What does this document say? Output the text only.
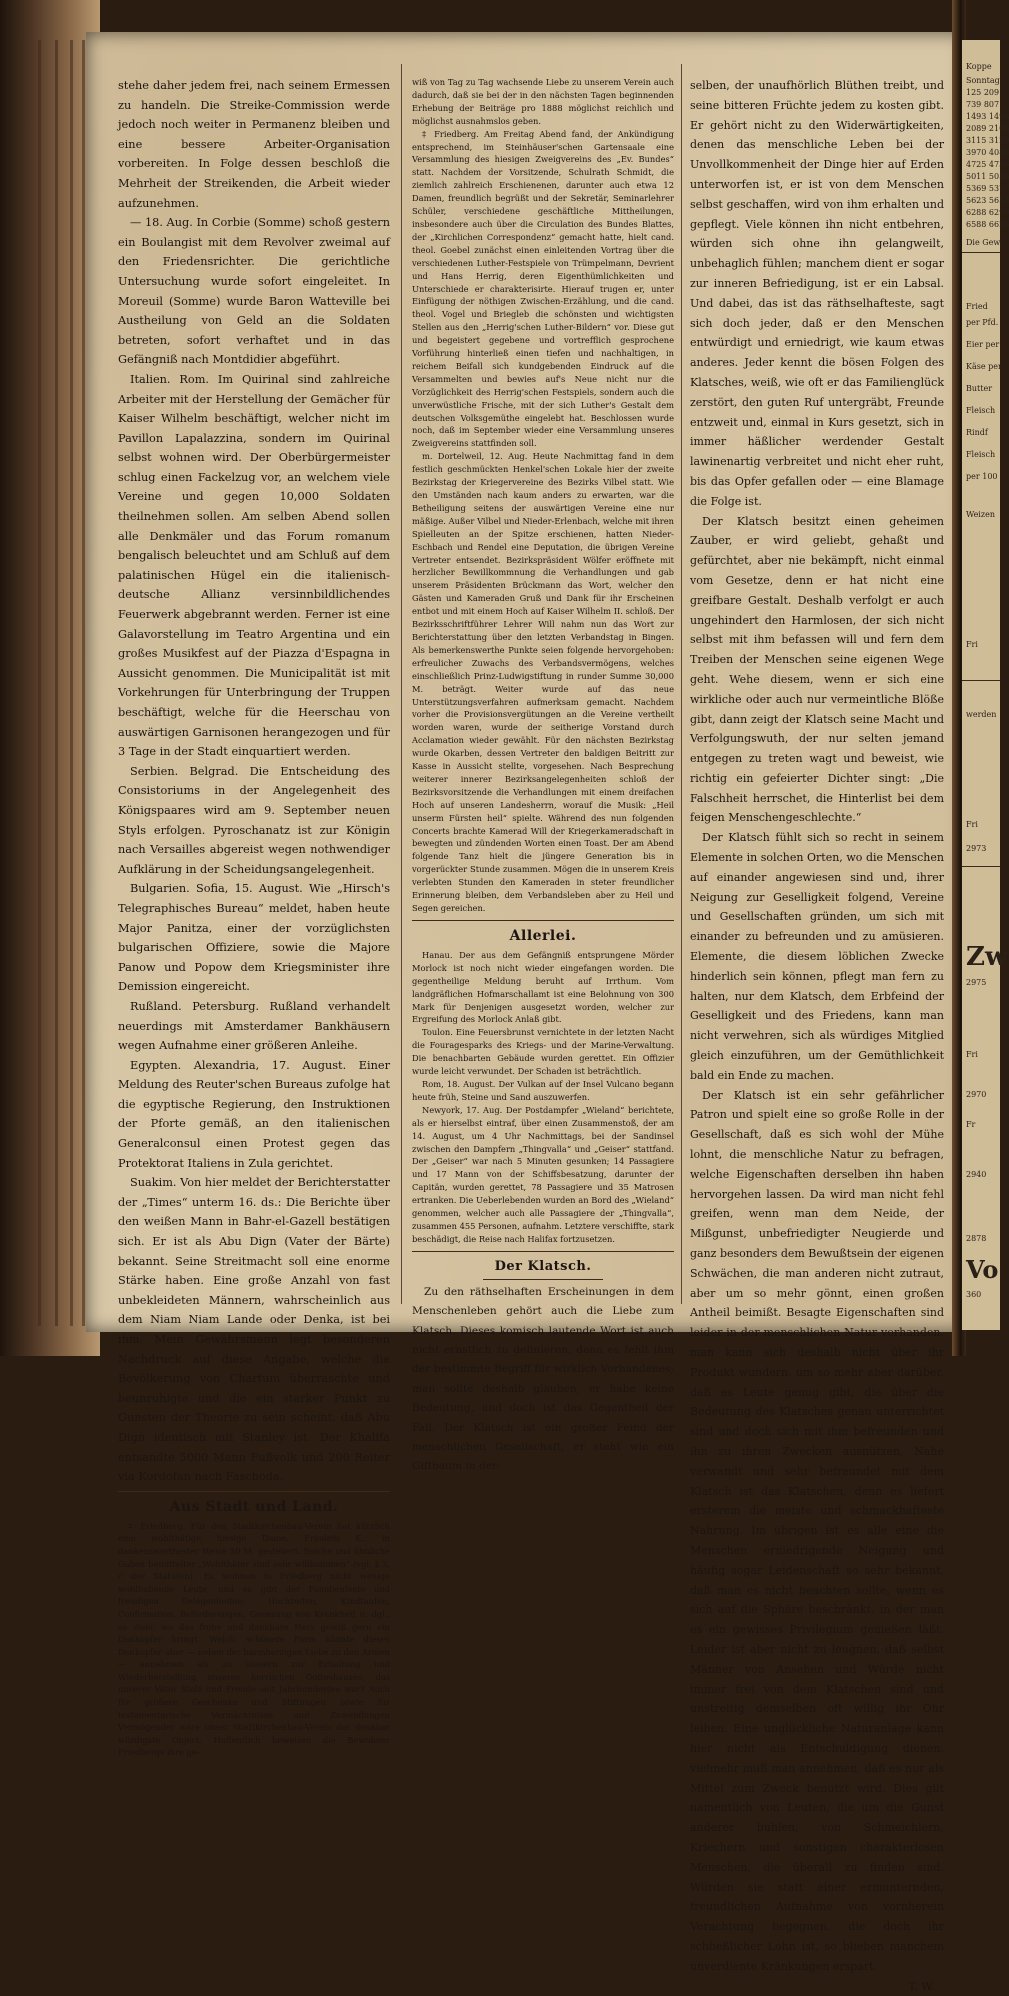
stehe daher jedem frei, nach seinem Ermessen zu handeln. Die Streike-Commission werde jedoch noch weiter in Permanenz bleiben und eine bessere Arbeiter-Organisation vorbereiten. In Folge dessen beschloß die Mehrheit der Streikenden, die Arbeit wieder aufzunehmen.

— 18. Aug. In Corbie (Somme) schoß gestern ein Boulangist mit dem Revolver zweimal auf den Friedensrichter. Die gerichtliche Untersuchung wurde sofort eingeleitet. In Moreuil (Somme) wurde Baron Watteville bei Austheilung von Geld an die Soldaten betreten, sofort verhaftet und in das Gefängniß nach Montdidier abgeführt.

Italien. Rom. Im Quirinal sind zahlreiche Arbeiter mit der Herstellung der Gemächer für Kaiser Wilhelm beschäftigt, welcher nicht im Pavillon Lapalazzina, sondern im Quirinal selbst wohnen wird. Der Oberbürgermeister schlug einen Fackelzug vor, an welchem viele Vereine und gegen 10,000 Soldaten theilnehmen sollen. Am selben Abend sollen alle Denkmäler und das Forum romanum bengalisch beleuchtet und am Schluß auf dem palatinischen Hügel ein die italienisch-deutsche Allianz versinnbildlichendes Feuerwerk abgebrannt werden. Ferner ist eine Galavorstellung im Teatro Argentina und ein großes Musikfest auf der Piazza d'Espagna in Aussicht genommen. Die Municipalität ist mit Vorkehrungen für Unterbringung der Truppen beschäftigt, welche für die Heerschau von auswärtigen Garnisonen herangezogen und für 3 Tage in der Stadt einquartiert werden.

Serbien. Belgrad. Die Entscheidung des Consistoriums in der Angelegenheit des Königspaares wird am 9. September neuen Styls erfolgen. Pyroschanatz ist zur Königin nach Versailles abgereist wegen nothwendiger Aufklärung in der Scheidungsangelegenheit.

Bulgarien. Sofia, 15. August. Wie „Hirsch's Telegraphisches Bureau“ meldet, haben heute Major Panitza, einer der vorzüglichsten bulgarischen Offiziere, sowie die Majore Panow und Popow dem Kriegsminister ihre Demission eingereicht.

Rußland. Petersburg. Rußland verhandelt neuerdings mit Amsterdamer Bankhäusern wegen Aufnahme einer größeren Anleihe.

Egypten. Alexandria, 17. August. Einer Meldung des Reuter'schen Bureaus zufolge hat die egyptische Regierung, den Instruktionen der Pforte gemäß, an den italienischen Generalconsul einen Protest gegen das Protektorat Italiens in Zula gerichtet.

Suakim. Von hier meldet der Berichterstatter der „Times“ unterm 16. ds.: Die Berichte über den weißen Mann in Bahr-el-Gazell bestätigen sich. Er ist als Abu Dign (Vater der Bärte) bekannt. Seine Streitmacht soll eine enorme Stärke haben. Eine große Anzahl von fast unbekleideten Männern, wahrscheinlich aus dem Niam Niam Lande oder Denka, ist bei ihm. Mein Gewährsmann legt besonderen Nachdruck auf diese Angabe, welche die Bevölkerung von Chartum überraschte und beunruhigte und die ein starker Punkt zu Gunsten der Theorie zu sein scheint, daß Abu Dign identisch mit Stanley ist. Der Khalifa entsandte 5000 Mann Fußvolk und 200 Reiter via Kordofan nach Faschoda.

Aus Stadt und Land.

‡ Friedberg. Für den Stadtkirchenbau-Verein hat kürzlich eine wohlthätige hiesige Dame, Fräulein K., in dankenswerthester Weise 50 M. gesteuert. Solche und ähnliche Gaben bemittelter „Wohlthäter sind sehr willkommen“ (vgl. § 3, c der Statuten). Es wohnen in Friedberg nicht wenige wohlhabende Leute, und es gibt der Familienfeste und freudigen Gelegenheiten: Hochzeiten, Kindtaufen, Confirmation, Beförderungen, Genesung von Krankheit u. dgl., so viele, wo das frohe und dankbare Herz gewiß gern ein Dankopfer bringt. Welch' schönere Form könnte dieses Dankopfer aber — neben der barmherzigen Liebe zu den Armen — annehmen als zu steuern zur Erhaltung und Wiederherstellung unseres herrlichen Gotteshauses, das unserer Väter Stolz und Freude seit Jahrhunderten war? Auch für größere Geschenke und Stiftungen sowie für testamentarische Vermächtnisse und Zuwendungen Vermögender wäre unser Stadtkirchenbau-Verein das denkbar würdigste Object. Hoffentlich beweisen die Bewohner Friedbergs ihre ge-

wiß von Tag zu Tag wachsende Liebe zu unserem Verein auch dadurch, daß sie bei der in den nächsten Tagen beginnenden Erhebung der Beiträge pro 1888 möglichst reichlich und möglichst ausnahmslos geben.

‡ Friedberg. Am Freitag Abend fand, der Ankündigung entsprechend, im Steinhäuser'schen Gartensaale eine Versammlung des hiesigen Zweigvereins des „Ev. Bundes“ statt. Nachdem der Vorsitzende, Schulrath Schmidt, die ziemlich zahlreich Erschienenen, darunter auch etwa 12 Damen, freundlich begrüßt und der Sekretär, Seminarlehrer Schüler, verschiedene geschäftliche Mittheilungen, insbesondere auch über die Circulation des Bundes Blattes, der „Kirchlichen Correspondenz“ gemacht hatte, hielt cand. theol. Goebel zunächst einen einleitenden Vortrag über die verschiedenen Luther-Festspiele von Trümpelmann, Devrient und Hans Herrig, deren Eigenthümlichkeiten und Unterschiede er charakterisirte. Hierauf trugen er, unter Einfügung der nöthigen Zwischen-Erzählung, und die cand. theol. Vogel und Briegleb die schönsten und wichtigsten Stellen aus den „Herrig'schen Luther-Bildern“ vor. Diese gut und begeistert gegebene und vortrefflich gesprochene Vorführung hinterließ einen tiefen und nachhaltigen, in reichem Beifall sich kundgebenden Eindruck auf die Versammelten und bewies auf's Neue nicht nur die Vorzüglichkeit des Herrig'schen Festspiels, sondern auch die unverwüstliche Frische, mit der sich Luther's Gestalt dem deutschen Volksgemüthe eingelebt hat. Beschlossen wurde noch, daß im September wieder eine Versammlung unseres Zweigvereins stattfinden soll.

m. Dortelweil, 12. Aug. Heute Nachmittag fand in dem festlich geschmückten Henkel'schen Lokale hier der zweite Bezirkstag der Kriegervereine des Bezirks Vilbel statt. Wie den Umständen nach kaum anders zu erwarten, war die Betheiligung seitens der auswärtigen Vereine eine nur mäßige. Außer Vilbel und Nieder-Erlenbach, welche mit ihren Spielleuten an der Spitze erschienen, hatten Nieder-Eschbach und Rendel eine Deputation, die übrigen Vereine Vertreter entsendet. Bezirkspräsident Wölfer eröffnete mit herzlicher Bewillkommnung die Verhandlungen und gab unserem Präsidenten Brückmann das Wort, welcher den Gästen und Kameraden Gruß und Dank für ihr Erscheinen entbot und mit einem Hoch auf Kaiser Wilhelm II. schloß. Der Bezirksschriftführer Lehrer Will nahm nun das Wort zur Berichterstattung über den letzten Verbandstag in Bingen. Als bemerkenswerthe Punkte seien folgende hervorgehoben: erfreulicher Zuwachs des Verbandsvermögens, welches einschließlich Prinz-Ludwigstiftung in runder Summe 30,000 M. beträgt. Weiter wurde auf das neue Unterstützungsverfahren aufmerksam gemacht. Nachdem vorher die Provisionsvergütungen an die Vereine vertheilt worden waren, wurde der seitherige Vorstand durch Acclamation wieder gewählt. Für den nächsten Bezirkstag wurde Okarben, dessen Vertreter den baldigen Beitritt zur Kasse in Aussicht stellte, vorgesehen. Nach Besprechung weiterer innerer Bezirksangelegenheiten schloß der Bezirksvorsitzende die Verhandlungen mit einem dreifachen Hoch auf unseren Landesherrn, worauf die Musik: „Heil unserm Fürsten heil“ spielte. Während des nun folgenden Concerts brachte Kamerad Will der Kriegerkameradschaft in bewegten und zündenden Worten einen Toast. Der am Abend folgende Tanz hielt die jüngere Generation bis in vorgerückter Stunde zusammen. Mögen die in unserem Kreis verlebten Stunden den Kameraden in steter freundlicher Erinnerung bleiben, dem Verbandsleben aber zu Heil und Segen gereichen.

Allerlei.

Hanau. Der aus dem Gefängniß entsprungene Mörder Morlock ist noch nicht wieder eingefangen worden. Die gegentheilige Meldung beruht auf Irrthum. Vom landgräflichen Hofmarschallamt ist eine Belohnung von 300 Mark für Denjenigen ausgesetzt worden, welcher zur Ergreifung des Morlock Anlaß gibt.

Toulon. Eine Feuersbrunst vernichtete in der letzten Nacht die Fouragesparks des Kriegs- und der Marine-Verwaltung. Die benachbarten Gebäude wurden gerettet. Ein Offizier wurde leicht verwundet. Der Schaden ist beträchtlich.

Rom, 18. August. Der Vulkan auf der Insel Vulcano begann heute früh, Steine und Sand auszuwerfen.

Newyork, 17. Aug. Der Postdampfer „Wieland“ berichtete, als er hierselbst eintraf, über einen Zusammenstoß, der am 14. August, um 4 Uhr Nachmittags, bei der Sandinsel zwischen den Dampfern „Thingvalla“ und „Geiser“ stattfand. Der „Geiser“ war nach 5 Minuten gesunken; 14 Passagiere und 17 Mann von der Schiffsbesatzung, darunter der Capitän, wurden gerettet, 78 Passagiere und 35 Matrosen ertranken. Die Ueberlebenden wurden an Bord des „Wieland“ genommen, welcher auch alle Passagiere der „Thingvalla“, zusammen 455 Personen, aufnahm. Letztere verschiffte, stark beschädigt, die Reise nach Halifax fortzusetzen.

Der Klatsch.

Zu den räthselhaften Erscheinungen in dem Menschenleben gehört auch die Liebe zum Klatsch. Dieses komisch lautende Wort ist auch nicht ernstlich zu definieren, denn es fehlt ihm der bestimmte Begriff für wirklich Vorhandenes; man sollte deshalb glauben, er habe keine Bedeutung, und doch ist das Gegentheil der Fall. Der Klatsch ist ein großer Feind der menschlichen Gesellschaft, er steht wie ein Giftbaum in der-

selben, der unaufhörlich Blüthen treibt, und seine bitteren Früchte jedem zu kosten gibt. Er gehört nicht zu den Widerwärtigkeiten, denen das menschliche Leben bei der Unvollkommenheit der Dinge hier auf Erden unterworfen ist, er ist von dem Menschen selbst geschaffen, wird von ihm erhalten und gepflegt. Viele können ihn nicht entbehren, würden sich ohne ihn gelangweilt, unbehaglich fühlen; manchem dient er sogar zur inneren Befriedigung, ist er ein Labsal. Und dabei, das ist das räthselhafteste, sagt sich doch jeder, daß er den Menschen entwürdigt und erniedrigt, wie kaum etwas anderes. Jeder kennt die bösen Folgen des Klatsches, weiß, wie oft er das Familienglück zerstört, den guten Ruf untergräbt, Freunde entzweit und, einmal in Kurs gesetzt, sich in immer häßlicher werdender Gestalt lawinenartig verbreitet und nicht eher ruht, bis das Opfer gefallen oder — eine Blamage die Folge ist.

Der Klatsch besitzt einen geheimen Zauber, er wird geliebt, gehaßt und gefürchtet, aber nie bekämpft, nicht einmal vom Gesetze, denn er hat nicht eine greifbare Gestalt. Deshalb verfolgt er auch ungehindert den Harmlosen, der sich nicht selbst mit ihm befassen will und fern dem Treiben der Menschen seine eigenen Wege geht. Wehe diesem, wenn er sich eine wirkliche oder auch nur vermeintliche Blöße gibt, dann zeigt der Klatsch seine Macht und Verfolgungswuth, der nur selten jemand entgegen zu treten wagt und beweist, wie richtig ein gefeierter Dichter singt: „Die Falschheit herrschet, die Hinterlist bei dem feigen Menschengeschlechte.“

Der Klatsch fühlt sich so recht in seinem Elemente in solchen Orten, wo die Menschen auf einander angewiesen sind und, ihrer Neigung zur Geselligkeit folgend, Vereine und Gesellschaften gründen, um sich mit einander zu befreunden und zu amüsieren. Elemente, die diesem löblichen Zwecke hinderlich sein können, pflegt man fern zu halten, nur dem Klatsch, dem Erbfeind der Geselligkeit und des Friedens, kann man nicht verwehren, sich als würdiges Mitglied gleich einzuführen, um der Gemüthlichkeit bald ein Ende zu machen.

Der Klatsch ist ein sehr gefährlicher Patron und spielt eine so große Rolle in der Gesellschaft, daß es sich wohl der Mühe lohnt, die menschliche Natur zu befragen, welche Eigenschaften derselben ihn haben hervorgehen lassen. Da wird man nicht fehl greifen, wenn man dem Neide, der Mißgunst, unbefriedigter Neugierde und ganz besonders dem Bewußtsein der eigenen Schwächen, die man anderen nicht zutraut, aber um so mehr gönnt, einen großen Antheil beimißt. Besagte Eigenschaften sind leider in der menschlichen Natur vorhanden, man kann sich deshalb nicht über ihr Produkt wundern, um so mehr aber darüber, daß es Leute genug gibt, die über die Bedeutung des Klatsches genau unterrichtet sind und doch sich mit ihm befreunden und ihn zu ihren Zwecken ausnützen. Nahe verwandt und sehr befreundet mit dem Klatsch ist das Klatschen, denn es liefert ersterem die meiste und schmackhafteste Nahrung. Im übrigen ist es alle eine die Menschen erniedrigende Neigung und häufig sogar Leidenschaft so sehr bekannt, daß man es nicht beachten sollte, wenn es sich auf die Sphäre beschränkt, in der man es ein gewisses Privilegium genießen läßt. Leider ist aber nicht zu leugnen, daß selbst Männer von Ansehen und Würde nicht immer frei von dem Klatschen sind und unstreitig demselben oft willig ihr Ohr leihen. Eine unglückliche Naturanlage kann hier nicht als Entschuldigung dienen, vielmehr muß man annehmen, daß es nur als Mittel zum Zweck benutzt wird. Dies gilt namentlich von Leuten, die um die Gunst anderer buhlen, von Schmeichlern, Kriechern und sonstigen charakterlosen Menschen, die überall zu finden sind. Würden sie statt einer ermunternden, freundlichen Aufnahme von vornherein Verachtung begegnen, die doch ihr schließlicher Lohn ist, so blieben manchem unverdiente Kränkungen erspart.

T. W.
Koppe
Sonntag
125 209
739 807
1493 1498
2089 2108
3115 3120
3970 4083
4725 4736
5011 5056
5369 5377
5623 5654
6288 6290
6588 6626
Die Gewi
Fried
per Pfd.
Eier per
Käse per
Butter
Fleisch
Rindf
Fleisch
per 100
Weizen
Fri
werden
Fri
2973
2975
Zw
Fri
2970
Fr
2940
2878
Vo
360
